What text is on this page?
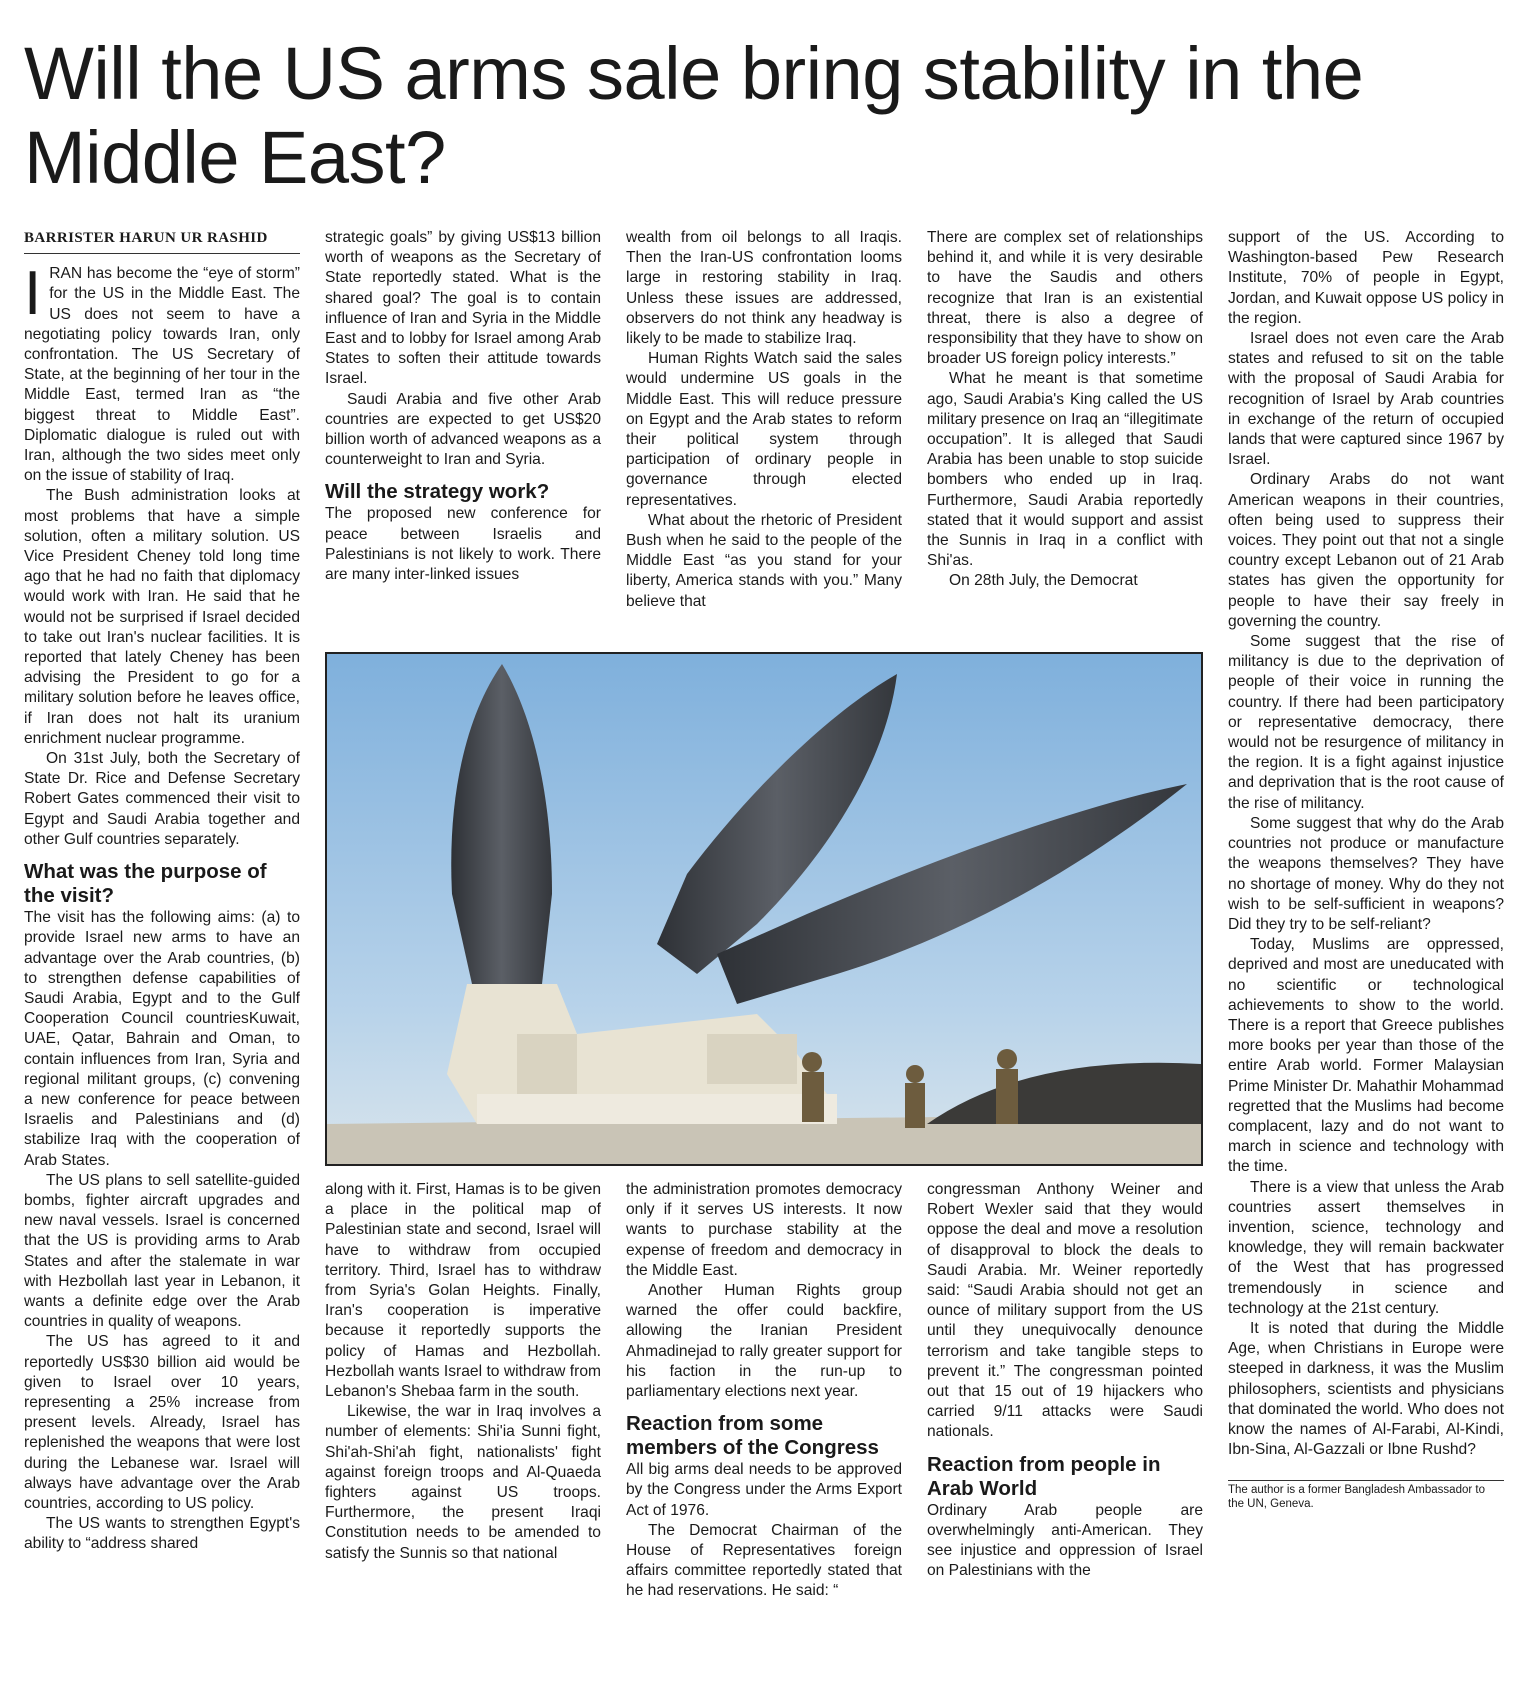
Will the US arms sale bring stability in the Middle East?
BARRISTER HARUN UR RASHID

IRAN has become the “eye of storm” for the US in the Middle East. The US does not seem to have a negotiating policy towards Iran, only confrontation. The US Secretary of State, at the beginning of her tour in the Middle East, termed Iran as “the biggest threat to Middle East”. Diplomatic dialogue is ruled out with Iran, although the two sides meet only on the issue of stability of Iraq.

The Bush administration looks at most problems that have a simple solution, often a military solution. US Vice President Cheney told long time ago that he had no faith that diplomacy would work with Iran. He said that he would not be surprised if Israel decided to take out Iran's nuclear facilities. It is reported that lately Cheney has been advising the President to go for a military solution before he leaves office, if Iran does not halt its uranium enrichment nuclear programme.

On 31st July, both the Secretary of State Dr. Rice and Defense Secretary Robert Gates commenced their visit to Egypt and Saudi Arabia together and other Gulf countries separately.

What was the purpose of the visit?

The visit has the following aims: (a) to provide Israel new arms to have an advantage over the Arab countries, (b) to strengthen defense capabilities of Saudi Arabia, Egypt and to the Gulf Cooperation Council countriesKuwait, UAE, Qatar, Bahrain and Oman, to contain influences from Iran, Syria and regional militant groups, (c) convening a new conference for peace between Israelis and Palestinians and (d) stabilize Iraq with the cooperation of Arab States.

The US plans to sell satellite-guided bombs, fighter aircraft upgrades and new naval vessels. Israel is concerned that the US is providing arms to Arab States and after the stalemate in war with Hezbollah last year in Lebanon, it wants a definite edge over the Arab countries in quality of weapons.

The US has agreed to it and reportedly US$30 billion aid would be given to Israel over 10 years, representing a 25% increase from present levels. Already, Israel has replenished the weapons that were lost during the Lebanese war. Israel will always have advantage over the Arab countries, according to US policy.

The US wants to strengthen Egypt's ability to “address shared

strategic goals” by giving US$13 billion worth of weapons as the Secretary of State reportedly stated. What is the shared goal? The goal is to contain influence of Iran and Syria in the Middle East and to lobby for Israel among Arab States to soften their attitude towards Israel.

Saudi Arabia and five other Arab countries are expected to get US$20 billion worth of advanced weapons as a counterweight to Iran and Syria.

Will the strategy work?

The proposed new conference for peace between Israelis and Palestinians is not likely to work. There are many inter-linked issues

wealth from oil belongs to all Iraqis. Then the Iran-US confrontation looms large in restoring stability in Iraq. Unless these issues are addressed, observers do not think any headway is likely to be made to stabilize Iraq.

Human Rights Watch said the sales would undermine US goals in the Middle East. This will reduce pressure on Egypt and the Arab states to reform their political system through participation of ordinary people in governance through elected representatives.

What about the rhetoric of President Bush when he said to the people of the Middle East “as you stand for your liberty, America stands with you.” Many believe that

There are complex set of relationships behind it, and while it is very desirable to have the Saudis and others recognize that Iran is an existential threat, there is also a degree of responsibility that they have to show on broader US foreign policy interests.”

What he meant is that sometime ago, Saudi Arabia's King called the US military presence on Iraq an “illegitimate occupation”. It is alleged that Saudi Arabia has been unable to stop suicide bombers who ended up in Iraq. Furthermore, Saudi Arabia reportedly stated that it would support and assist the Sunnis in Iraq in a conflict with Shi'as.

On 28th July, the Democrat

support of the US. According to Washington-based Pew Research Institute, 70% of people in Egypt, Jordan, and Kuwait oppose US policy in the region.

Israel does not even care the Arab states and refused to sit on the table with the proposal of Saudi Arabia for recognition of Israel by Arab countries in exchange of the return of occupied lands that were captured since 1967 by Israel.

Ordinary Arabs do not want American weapons in their countries, often being used to suppress their voices. They point out that not a single country except Lebanon out of 21 Arab states has given the opportunity for people to have their say freely in governing the country.

Some suggest that the rise of militancy is due to the deprivation of people of their voice in running the country. If there had been participatory or representative democracy, there would not be resurgence of militancy in the region. It is a fight against injustice and deprivation that is the root cause of the rise of militancy.

Some suggest that why do the Arab countries not produce or manufacture the weapons themselves? They have no shortage of money. Why do they not wish to be self-sufficient in weapons? Did they try to be self-reliant?

Today, Muslims are oppressed, deprived and most are uneducated with no scientific or technological achievements to show to the world. There is a report that Greece publishes more books per year than those of the entire Arab world. Former Malaysian Prime Minister Dr. Mahathir Mohammad regretted that the Muslims had become complacent, lazy and do not want to march in science and technology with the time.

There is a view that unless the Arab countries assert themselves in invention, science, technology and knowledge, they will remain backwater of the West that has progressed tremendously in science and technology at the 21st century.

It is noted that during the Middle Age, when Christians in Europe were steeped in darkness, it was the Muslim philosophers, scientists and physicians that dominated the world. Who does not know the names of Al-Farabi, Al-Kindi, Ibn-Sina, Al-Gazzali or Ibne Rushd?

The author is a former Bangladesh Ambassador to the UN, Geneva.

along with it. First, Hamas is to be given a place in the political map of Palestinian state and second, Israel will have to withdraw from occupied territory. Third, Israel has to withdraw from Syria's Golan Heights. Finally, Iran's cooperation is imperative because it reportedly supports the policy of Hamas and Hezbollah. Hezbollah wants Israel to withdraw from Lebanon's Shebaa farm in the south.

Likewise, the war in Iraq involves a number of elements: Shi'ia Sunni fight, Shi'ah-Shi'ah fight, nationalists' fight against foreign troops and Al-Quaeda fighters against US troops. Furthermore, the present Iraqi Constitution needs to be amended to satisfy the Sunnis so that national

the administration promotes democracy only if it serves US interests. It now wants to purchase stability at the expense of freedom and democracy in the Middle East.

Another Human Rights group warned the offer could backfire, allowing the Iranian President Ahmadinejad to rally greater support for his faction in the run-up to parliamentary elections next year.

Reaction from some members of the Congress

All big arms deal needs to be approved by the Congress under the Arms Export Act of 1976.

The Democrat Chairman of the House of Representatives foreign affairs committee reportedly stated that he had reservations. He said: “

congressman Anthony Weiner and Robert Wexler said that they would oppose the deal and move a resolution of disapproval to block the deals to Saudi Arabia. Mr. Weiner reportedly said: “Saudi Arabia should not get an ounce of military support from the US until they unequivocally denounce terrorism and take tangible steps to prevent it.” The congressman pointed out that 15 out of 19 hijackers who carried 9/11 attacks were Saudi nationals.

Reaction from people in Arab World

Ordinary Arab people are overwhelmingly anti-American. They see injustice and oppression of Israel on Palestinians with the
